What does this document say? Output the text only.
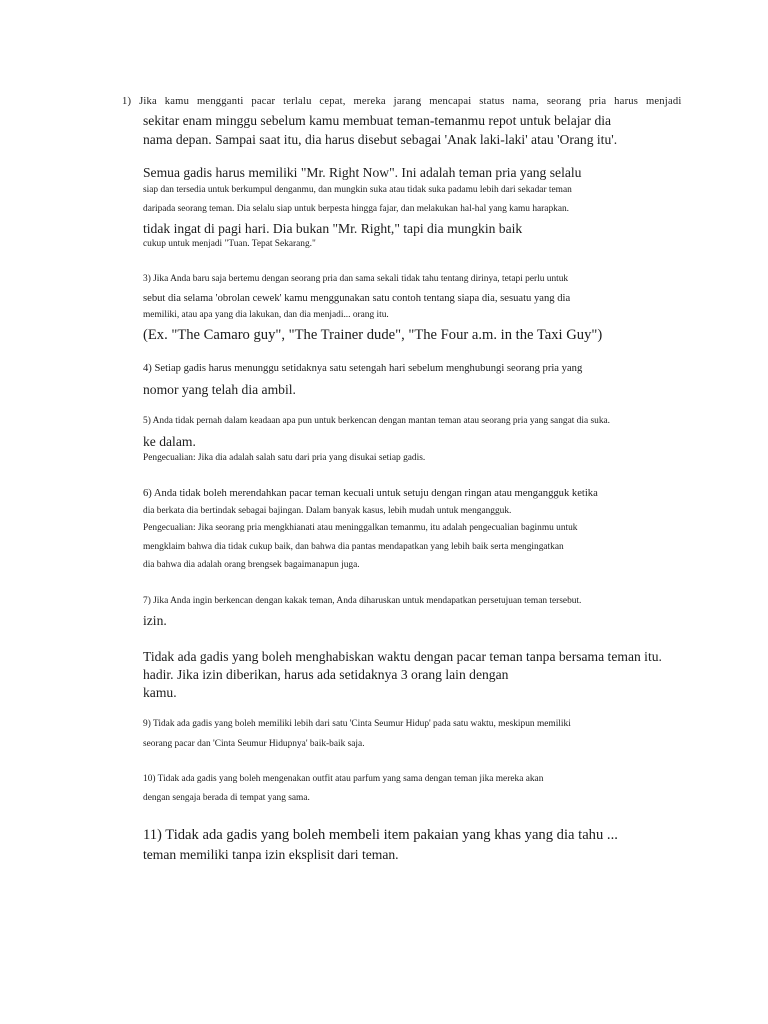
1) Jika kamu mengganti pacar terlalu cepat, mereka jarang mencapai status nama, seorang pria harus menjadi

sekitar enam minggu sebelum kamu membuat teman-temanmu repot untuk belajar dia

nama depan. Sampai saat itu, dia harus disebut sebagai 'Anak laki-laki' atau 'Orang itu'.

Semua gadis harus memiliki "Mr. Right Now". Ini adalah teman pria yang selalu

siap dan tersedia untuk berkumpul denganmu, dan mungkin suka atau tidak suka padamu lebih dari sekadar teman

daripada seorang teman. Dia selalu siap untuk berpesta hingga fajar, dan melakukan hal-hal yang kamu harapkan.

tidak ingat di pagi hari. Dia bukan "Mr. Right," tapi dia mungkin baik

cukup untuk menjadi "Tuan. Tepat Sekarang."

3) Jika Anda baru saja bertemu dengan seorang pria dan sama sekali tidak tahu tentang dirinya, tetapi perlu untuk

sebut dia selama 'obrolan cewek' kamu menggunakan satu contoh tentang siapa dia, sesuatu yang dia

memiliki, atau apa yang dia lakukan, dan dia menjadi... orang itu.

(Ex. "The Camaro guy", "The Trainer dude", "The Four a.m. in the Taxi Guy")

4) Setiap gadis harus menunggu setidaknya satu setengah hari sebelum menghubungi seorang pria yang

nomor yang telah dia ambil.

5) Anda tidak pernah dalam keadaan apa pun untuk berkencan dengan mantan teman atau seorang pria yang sangat dia suka.

ke dalam.

Pengecualian: Jika dia adalah salah satu dari pria yang disukai setiap gadis.

6) Anda tidak boleh merendahkan pacar teman kecuali untuk setuju dengan ringan atau mengangguk ketika

dia berkata dia bertindak sebagai bajingan. Dalam banyak kasus, lebih mudah untuk mengangguk.

Pengecualian: Jika seorang pria mengkhianati atau meninggalkan temanmu, itu adalah pengecualian baginmu untuk

mengklaim bahwa dia tidak cukup baik, dan bahwa dia pantas mendapatkan yang lebih baik serta mengingatkan

dia bahwa dia adalah orang brengsek bagaimanapun juga.

7) Jika Anda ingin berkencan dengan kakak teman, Anda diharuskan untuk mendapatkan persetujuan teman tersebut.

izin.

Tidak ada gadis yang boleh menghabiskan waktu dengan pacar teman tanpa bersama teman itu.

hadir. Jika izin diberikan, harus ada setidaknya 3 orang lain dengan

kamu.

9) Tidak ada gadis yang boleh memiliki lebih dari satu 'Cinta Seumur Hidup' pada satu waktu, meskipun memiliki

seorang pacar dan 'Cinta Seumur Hidupnya' baik-baik saja.

10) Tidak ada gadis yang boleh mengenakan outfit atau parfum yang sama dengan teman jika mereka akan

dengan sengaja berada di tempat yang sama.

11) Tidak ada gadis yang boleh membeli item pakaian yang khas yang dia tahu ...

teman memiliki tanpa izin eksplisit dari teman.
